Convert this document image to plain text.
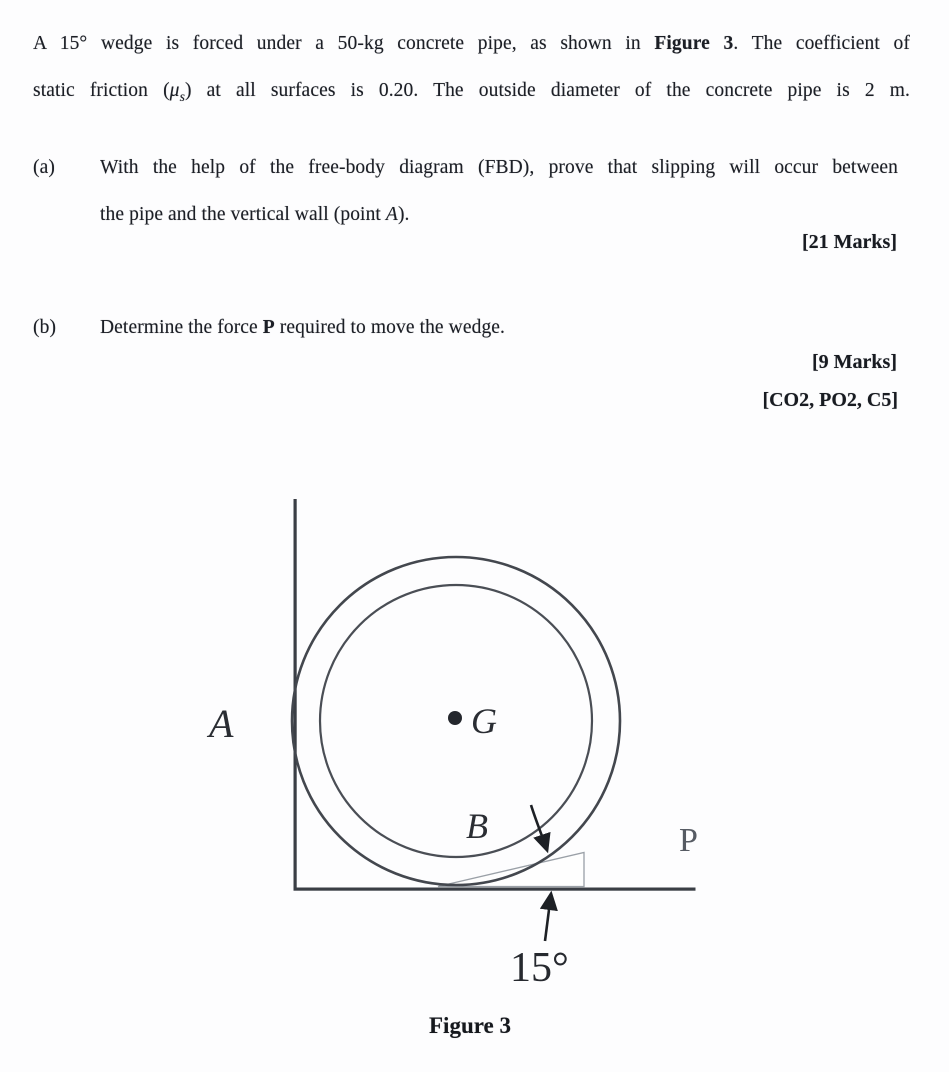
A 15° wedge is forced under a 50-kg concrete pipe, as shown in Figure 3. The coefficient of
static friction $(\mu_s)$ at all surfaces is 0.20. The outside diameter of the concrete pipe is 2 m.
(a)	With the help of the free-body diagram (FBD), prove that slipping will occur between
the pipe and the vertical wall (point A).
[21 Marks]
(b)	Determine the force P required to move the wedge.
[9 Marks]
[CO2, PO2, C5]
A	G
B	P
15°
Figure 3
